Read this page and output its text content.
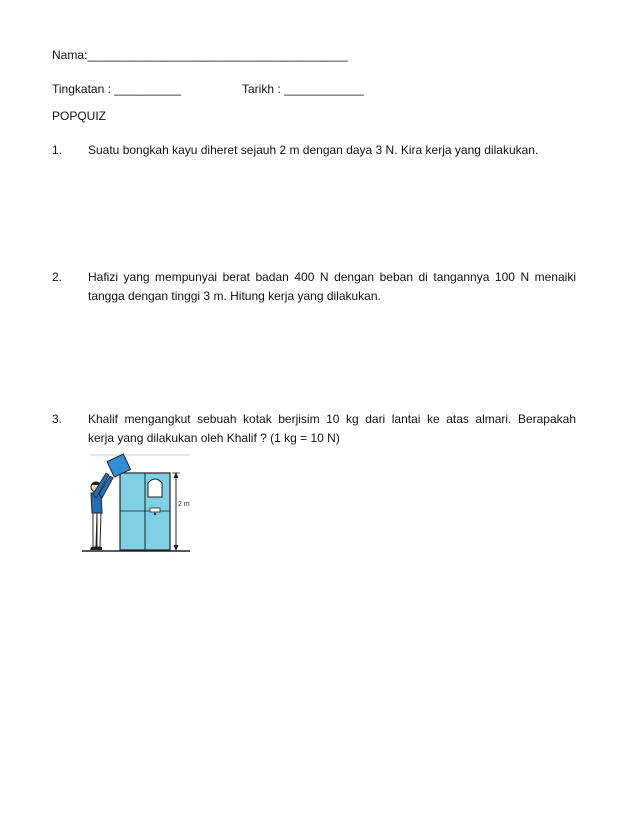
Nama:_______________________________________
Tingkatan : __________	Tarikh : ____________
POPQUIZ
1. Suatu bongkah kayu diheret sejauh 2 m dengan daya 3 N. Kira kerja yang dilakukan.
2. Hafizi yang mempunyai berat badan 400 N dengan beban di tangannya 100 N menaiki
tangga dengan tinggi 3 m. Hitung kerja yang dilakukan.
3. Khalif mengangkut sebuah kotak berjisim 10 kg dari lantai ke atas almari. Berapakah
kerja yang dilakukan oleh Khalif ? (1 kg = 10 N)
2 m
